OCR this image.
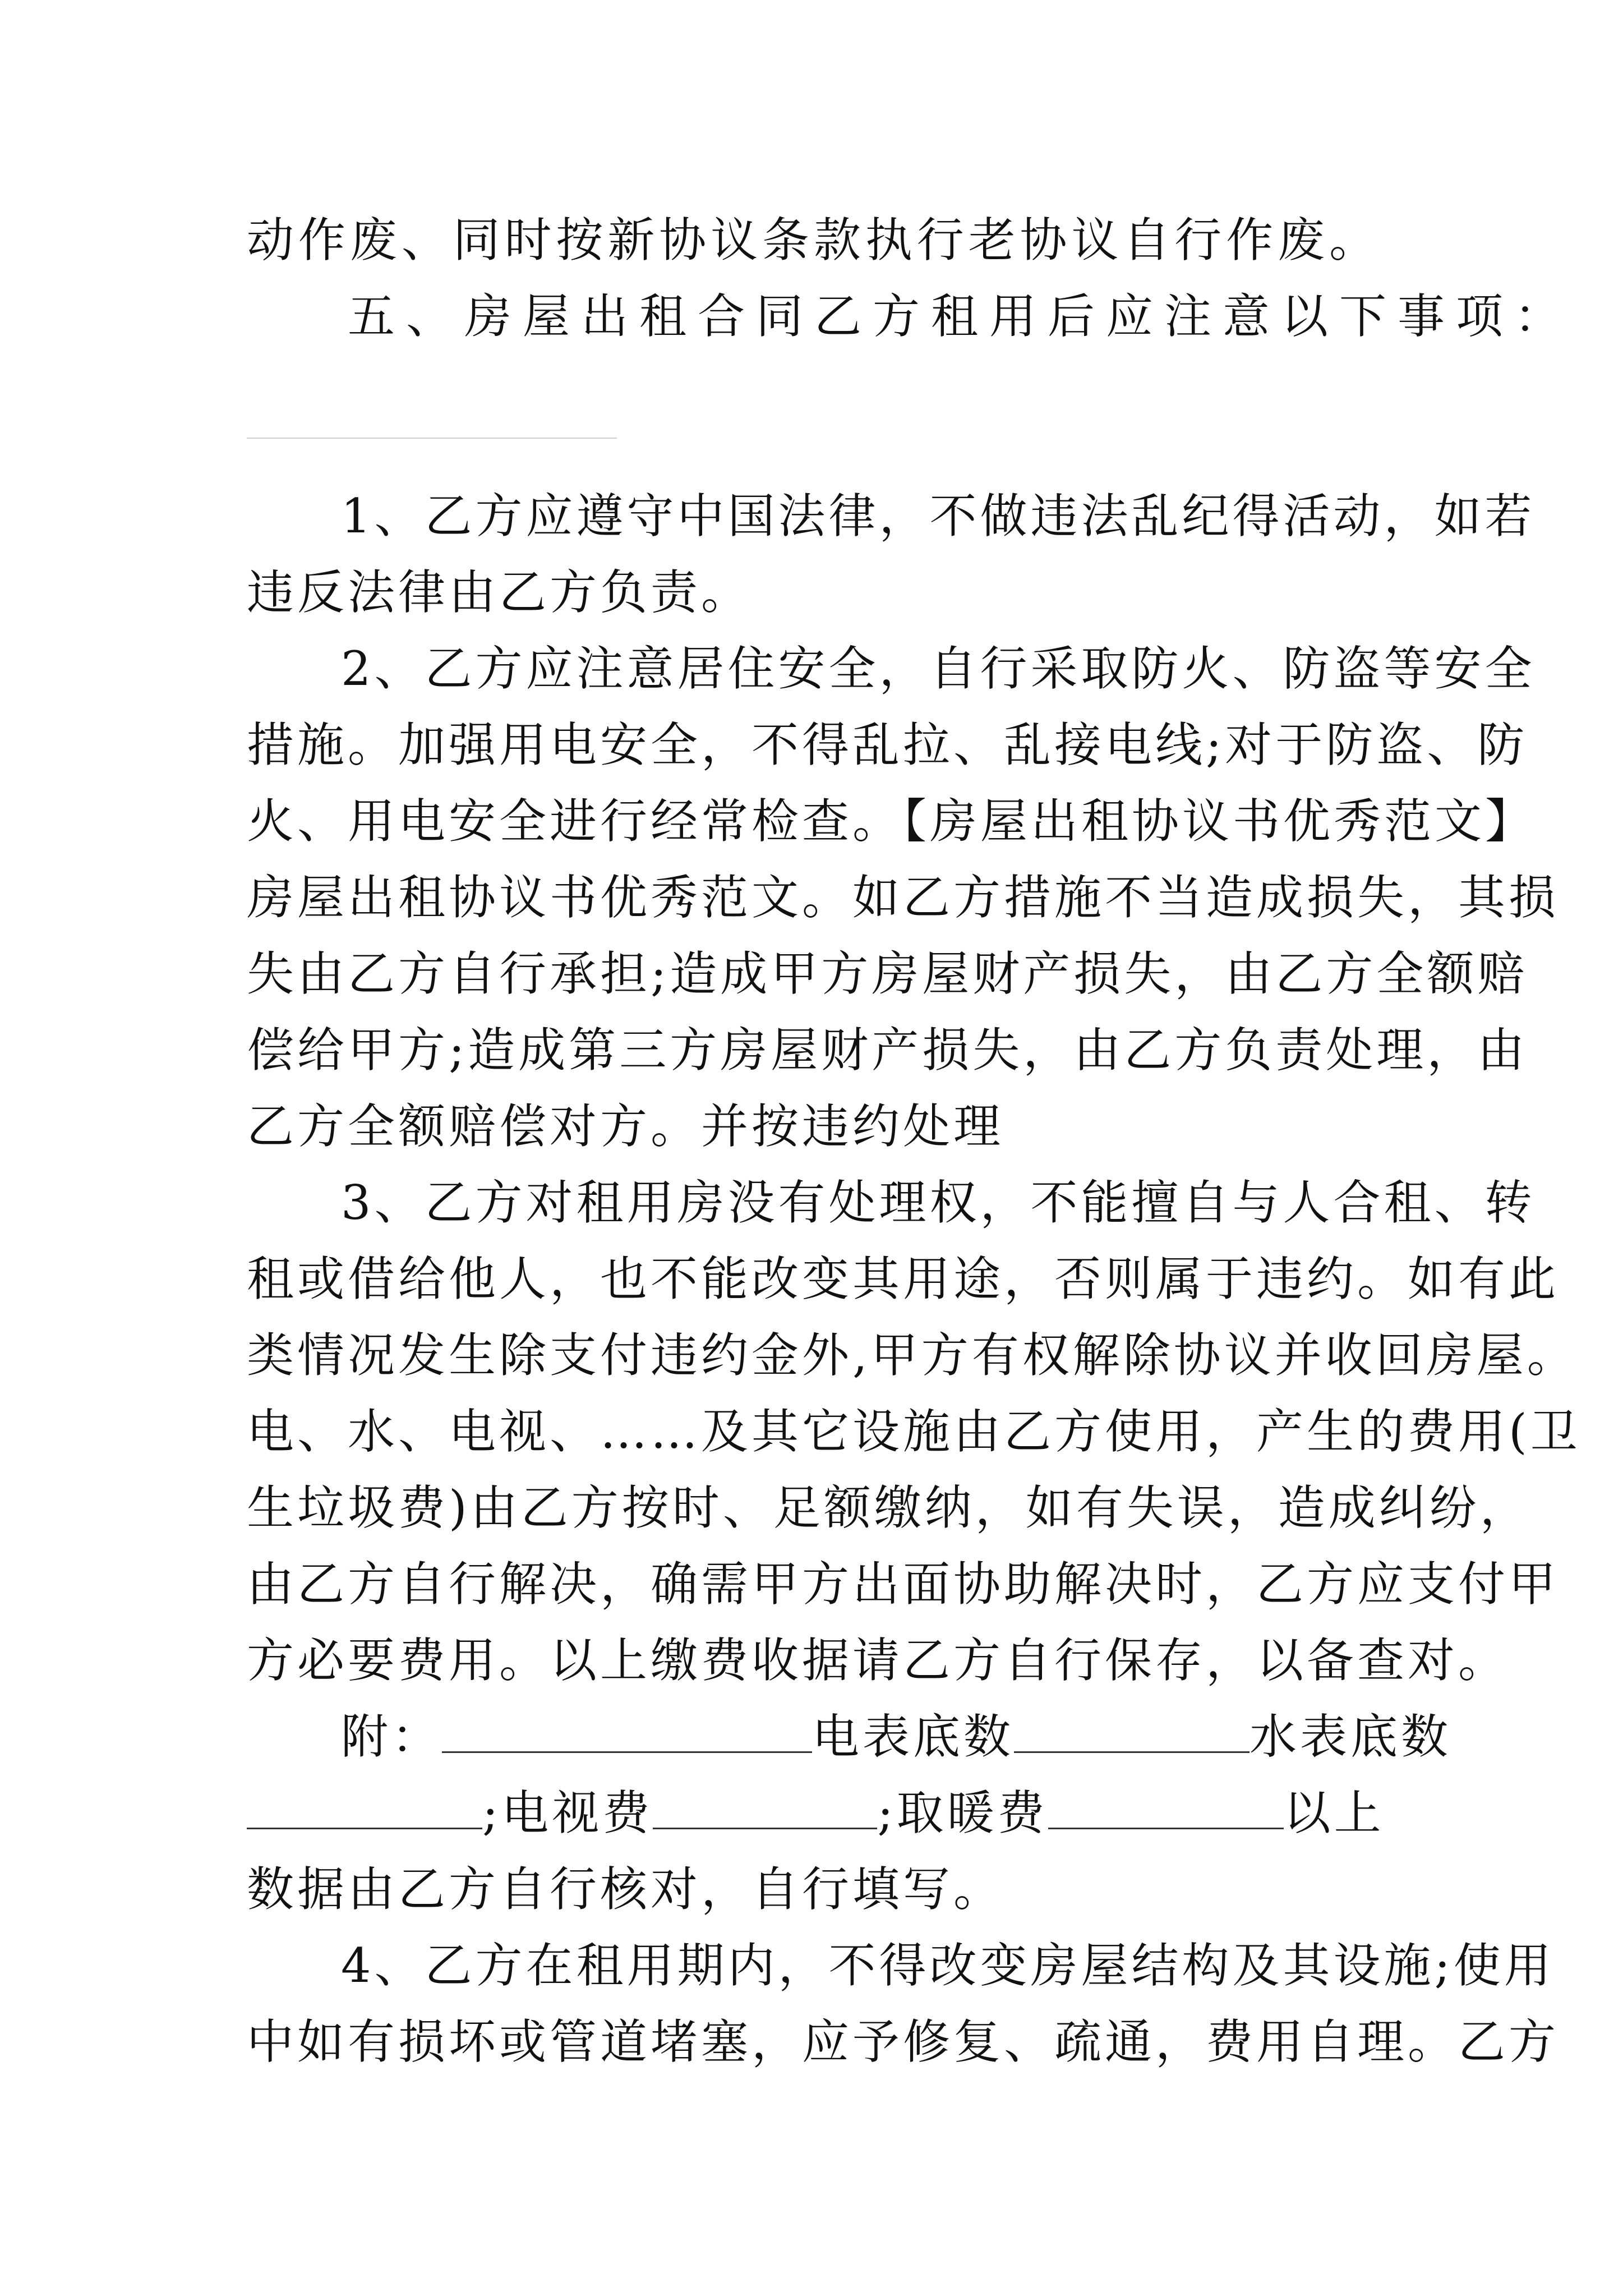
动作废、同时按新协议条款执行老协议自行作废。
五、房屋出租合同乙方租用后应注意以下事项：
1、乙方应遵守中国法律，不做违法乱纪得活动，如若
违反法律由乙方负责。
2、乙方应注意居住安全，自行采取防火、防盗等安全
措施。加强用电安全，不得乱拉、乱接电线;对于防盗、防
火、用电安全进行经常检查。【房屋出租协议书优秀范文】
房屋出租协议书优秀范文。如乙方措施不当造成损失，其损
失由乙方自行承担;造成甲方房屋财产损失，由乙方全额赔
偿给甲方;造成第三方房屋财产损失，由乙方负责处理，由
乙方全额赔偿对方。并按违约处理
3、乙方对租用房没有处理权，不能擅自与人合租、转
租或借给他人，也不能改变其用途，否则属于违约。如有此
类情况发生除支付违约金外,甲方有权解除协议并收回房屋。
电、水、电视、……及其它设施由乙方使用，产生的费用(卫
生垃圾费)由乙方按时、足额缴纳，如有失误，造成纠纷，
由乙方自行解决，确需甲方出面协助解决时，乙方应支付甲
方必要费用。以上缴费收据请乙方自行保存，以备查对。
附：	电表底数	水表底数
;电视费	;取暖费	以上
数据由乙方自行核对，自行填写。
4、乙方在租用期内，不得改变房屋结构及其设施;使用
中如有损坏或管道堵塞，应予修复、疏通，费用自理。乙方
